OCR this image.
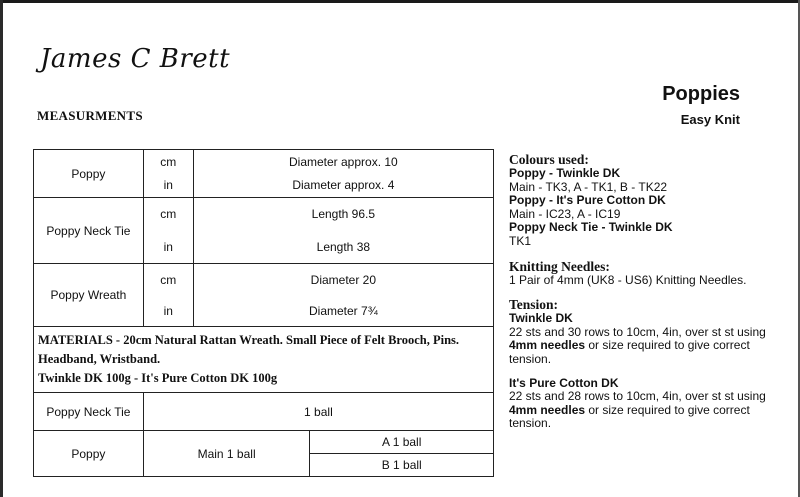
James C Brett
MEASURMENTS
Poppies
Easy Knit
Poppy	cm	Diameter approx. 10	
	in	Diameter approx. 4	
Poppy Neck Tie	cm	Length 96.5	
	in	Length 38	
Poppy Wreath	cm	Diameter 20	
	in	Diameter 7¾	
MATERIALS - 20cm Natural Rattan Wreath. Small Piece of Felt Brooch, Pins. Headband, Wristband.
Twinkle DK 100g - It's Pure Cotton DK 100g			
Poppy Neck Tie	1 ball		
Poppy	Main 1 ball		A 1 ball
			B 1 ball
Colours used:
Poppy - Twinkle DK
Main - TK3, A - TK1, B - TK22
Poppy - It's Pure Cotton DK
Main - IC23, A - IC19
Poppy Neck Tie - Twinkle DK
TK1
Knitting Needles:
1 Pair of 4mm (UK8 - US6) Knitting Needles.
Tension:
Twinkle DK
22 sts and 30 rows to 10cm, 4in, over st st using 4mm needles or size required to give correct tension.
It's Pure Cotton DK
22 sts and 28 rows to 10cm, 4in, over st st using 4mm needles or size required to give correct tension.
